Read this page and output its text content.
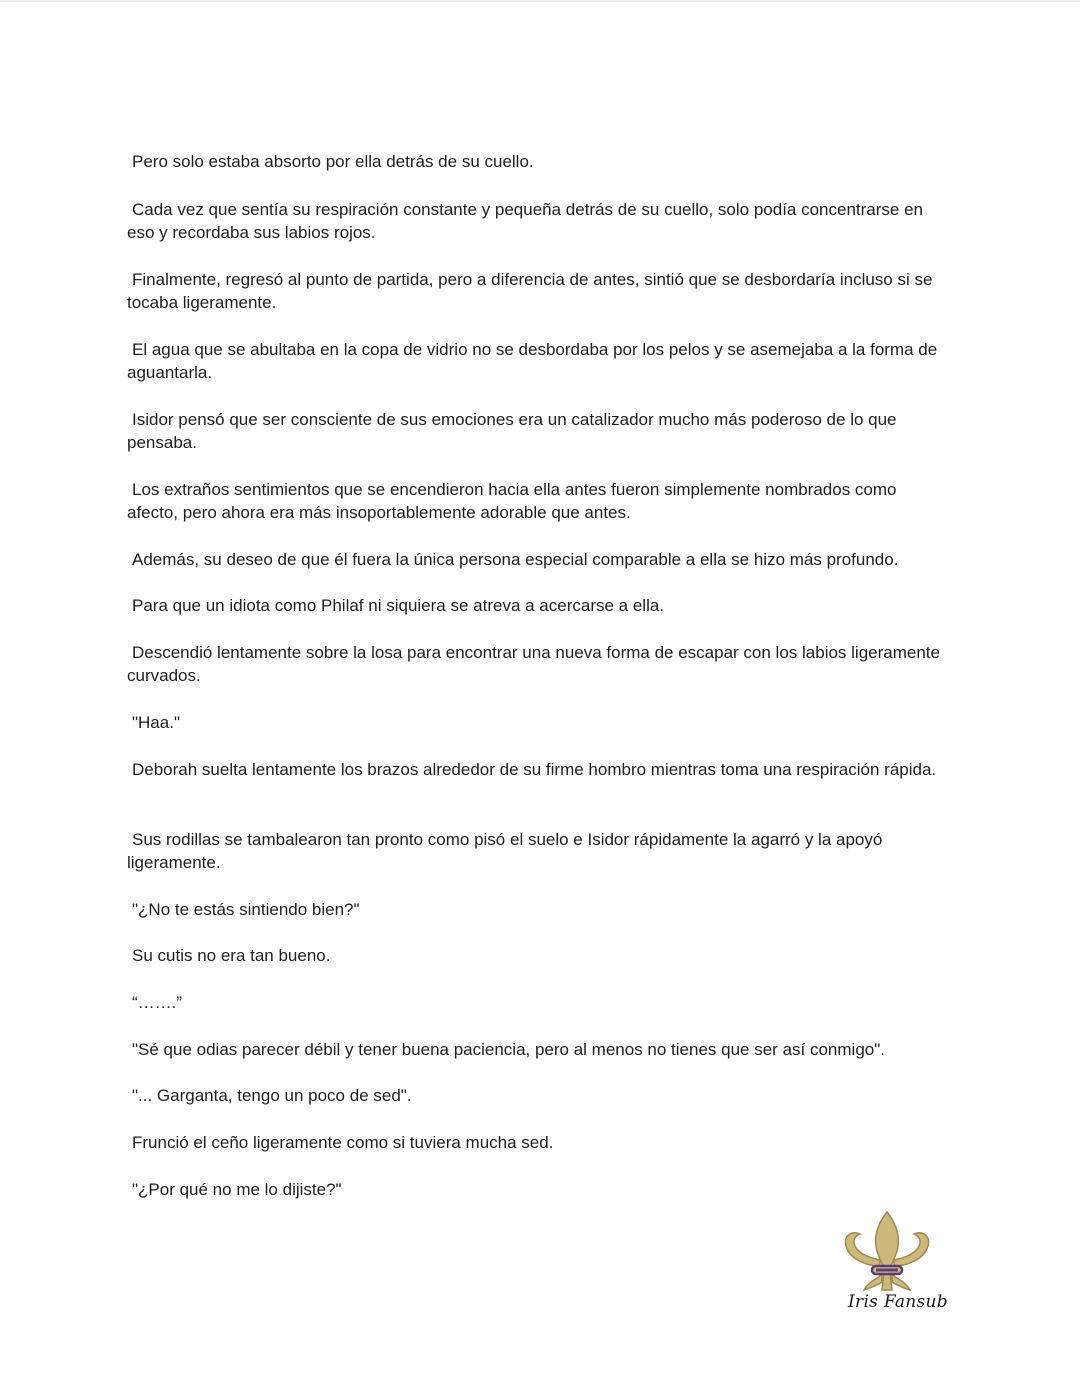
Pero solo estaba absorto por ella detrás de su cuello.

Cada vez que sentía su respiración constante y pequeña detrás de su cuello, solo podía concentrarse en eso y recordaba sus labios rojos.

Finalmente, regresó al punto de partida, pero a diferencia de antes, sintió que se desbordaría incluso si se tocaba ligeramente.

El agua que se abultaba en la copa de vidrio no se desbordaba por los pelos y se asemejaba a la forma de aguantarla.

Isidor pensó que ser consciente de sus emociones era un catalizador mucho más poderoso de lo que pensaba.

Los extraños sentimientos que se encendieron hacia ella antes fueron simplemente nombrados como afecto, pero ahora era más insoportablemente adorable que antes.

Además, su deseo de que él fuera la única persona especial comparable a ella se hizo más profundo.

Para que un idiota como Philaf ni siquiera se atreva a acercarse a ella.

Descendió lentamente sobre la losa para encontrar una nueva forma de escapar con los labios ligeramente curvados.

"Haa."

Deborah suelta lentamente los brazos alrededor de su firme hombro mientras toma una respiración rápida.

Sus rodillas se tambalearon tan pronto como pisó el suelo e Isidor rápidamente la agarró y la apoyó ligeramente.

"¿No te estás sintiendo bien?"

Su cutis no era tan bueno.

“…….”

"Sé que odias parecer débil y tener buena paciencia, pero al menos no tienes que ser así conmigo".

"... Garganta, tengo un poco de sed".

Frunció el ceño ligeramente como si tuviera mucha sed.

"¿Por qué no me lo dijiste?"

Iris Fansub
